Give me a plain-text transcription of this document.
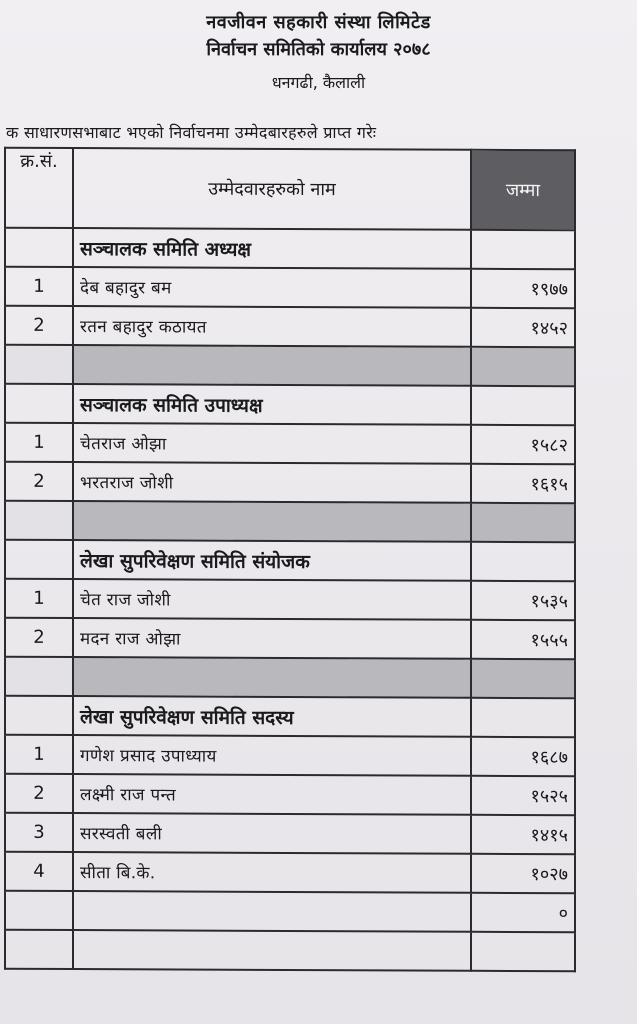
नवजीवन सहकारी संस्था लिमिटेड
निर्वाचन समितिको कार्यालय २०७८
धनगढी, कैलाली
क साधारणसभाबाट भएको निर्वाचनमा उम्मेदबारहरुले प्राप्त गरेः
क्र.सं.	उम्मेदवारहरुको नाम	जम्मा
	सञ्चालक समिति अध्यक्ष	
1	देब बहादुर बम	१९७७
2	रतन बहादुर कठायत	१४५२

	सञ्चालक समिति उपाध्यक्ष	
1	चेतराज ओझा	१५८२
2	भरतराज जोशी	१६१५

	लेखा सुपरिवेक्षण समिति संयोजक	
1	चेत राज जोशी	१५३५
2	मदन राज ओझा	१५५५

	लेखा सुपरिवेक्षण समिति सदस्य	
1	गणेश प्रसाद उपाध्याय	१६८७
2	लक्ष्मी राज पन्त	१५२५
3	सरस्वती बली	१४१५
4	सीता बि.के.	१०२७
		०
